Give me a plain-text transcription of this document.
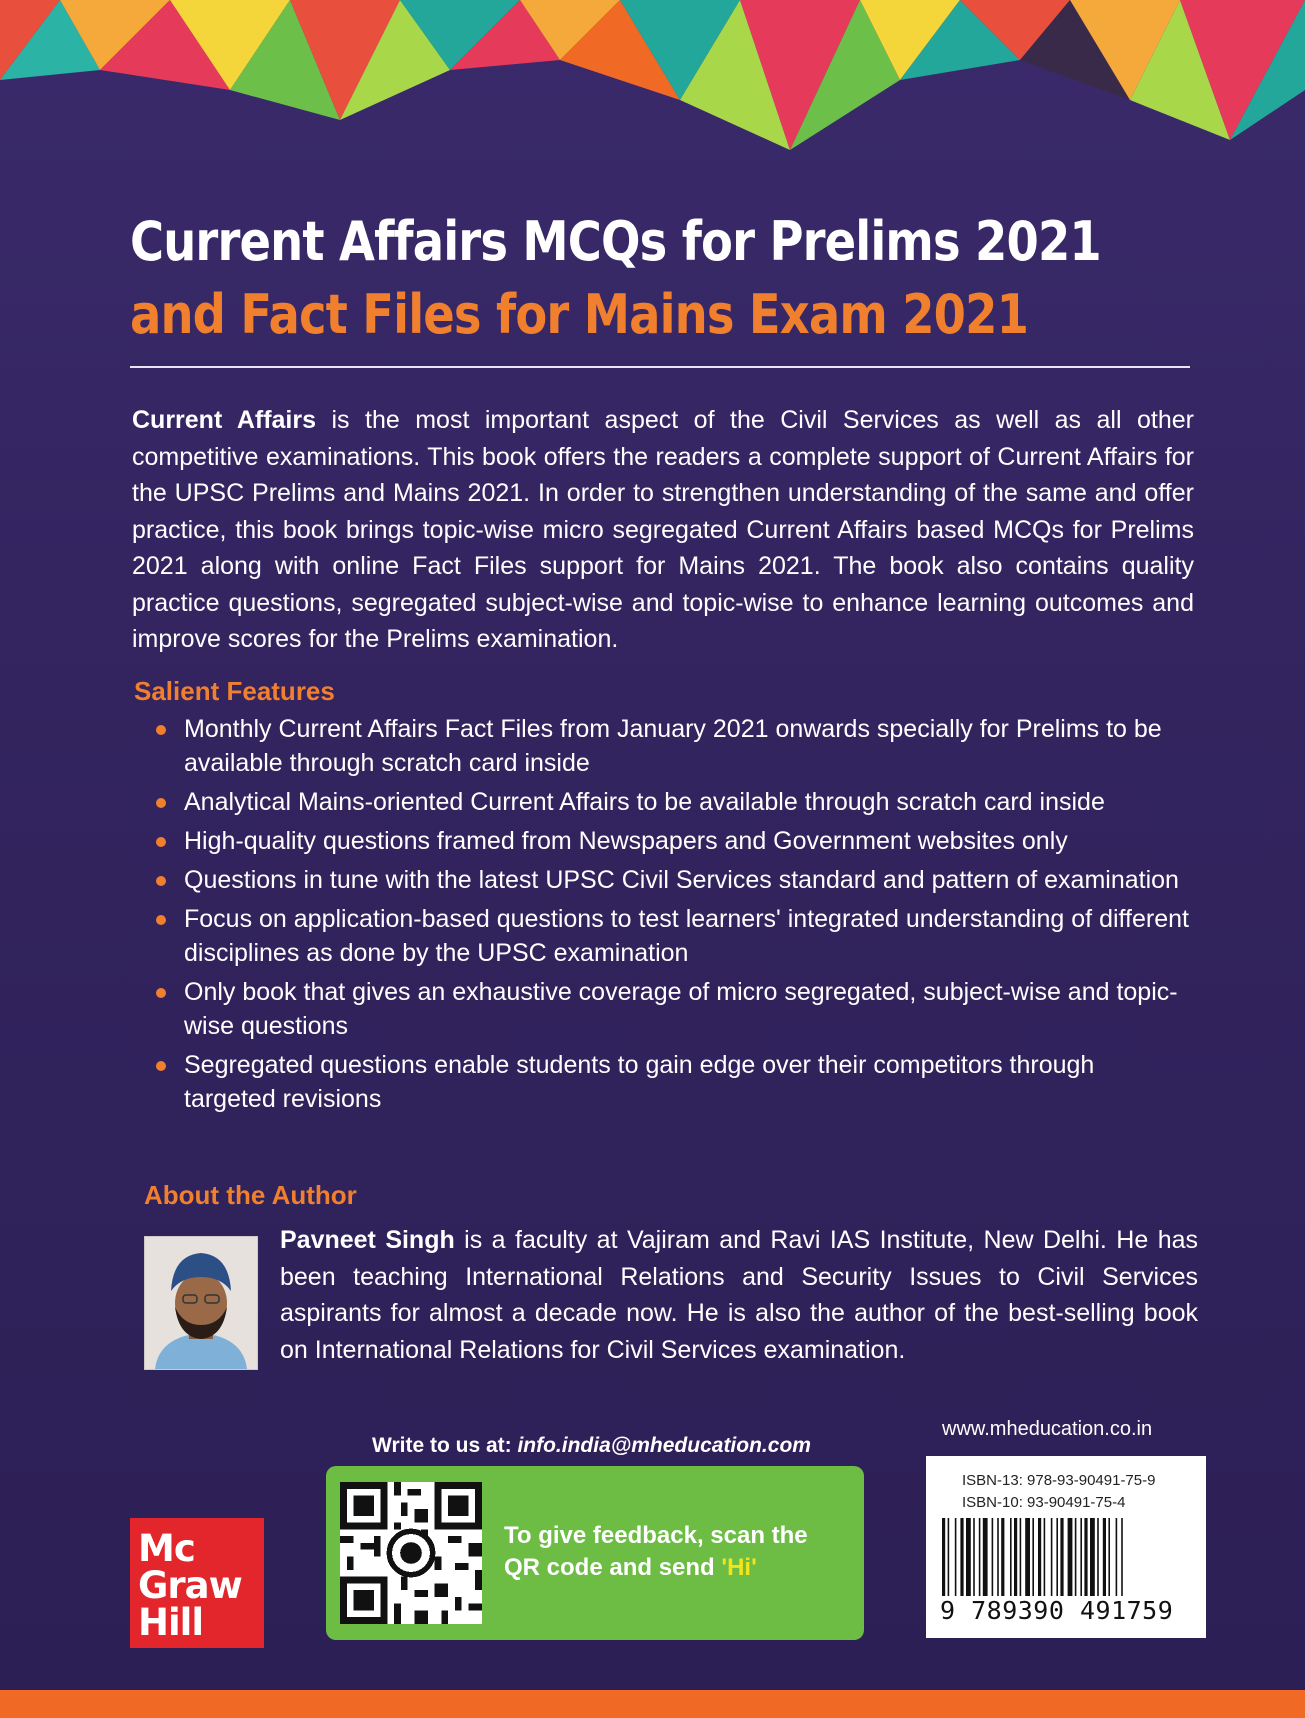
Current Affairs MCQs for Prelims 2021
and Fact Files for Mains Exam 2021

Current Affairs is the most important aspect of the Civil Services as well as all other competitive examinations. This book offers the readers a complete support of Current Affairs for the UPSC Prelims and Mains 2021. In order to strengthen understanding of the same and offer practice, this book brings topic-wise micro segregated Current Affairs based MCQs for Prelims 2021 along with online Fact Files support for Mains 2021. The book also contains quality practice questions, segregated subject-wise and topic-wise to enhance learning outcomes and improve scores for the Prelims examination.

Salient Features
Monthly Current Affairs Fact Files from January 2021 onwards specially for Prelims to be available through scratch card inside
Analytical Mains-oriented Current Affairs to be available through scratch card inside
High-quality questions framed from Newspapers and Government websites only
Questions in tune with the latest UPSC Civil Services standard and pattern of examination
Focus on application-based questions to test learners' integrated understanding of different disciplines as done by the UPSC examination
Only book that gives an exhaustive coverage of micro segregated, subject-wise and topic-wise questions
Segregated questions enable students to gain edge over their competitors through targeted revisions
About the Author

Pavneet Singh is a faculty at Vajiram and Ravi IAS Institute, New Delhi. He has been teaching International Relations and Security Issues to Civil Services aspirants for almost a decade now. He is also the author of the best-selling book on International Relations for Civil Services examination.

Write to us at: info.india@mheducation.com

www.mheducation.co.in

To give feedback, scan the QR code and send 'Hi'

Mc
Graw
Hill

ISBN-13: 978-93-90491-75-9

ISBN-10: 93-90491-75-4

9 789390 491759
